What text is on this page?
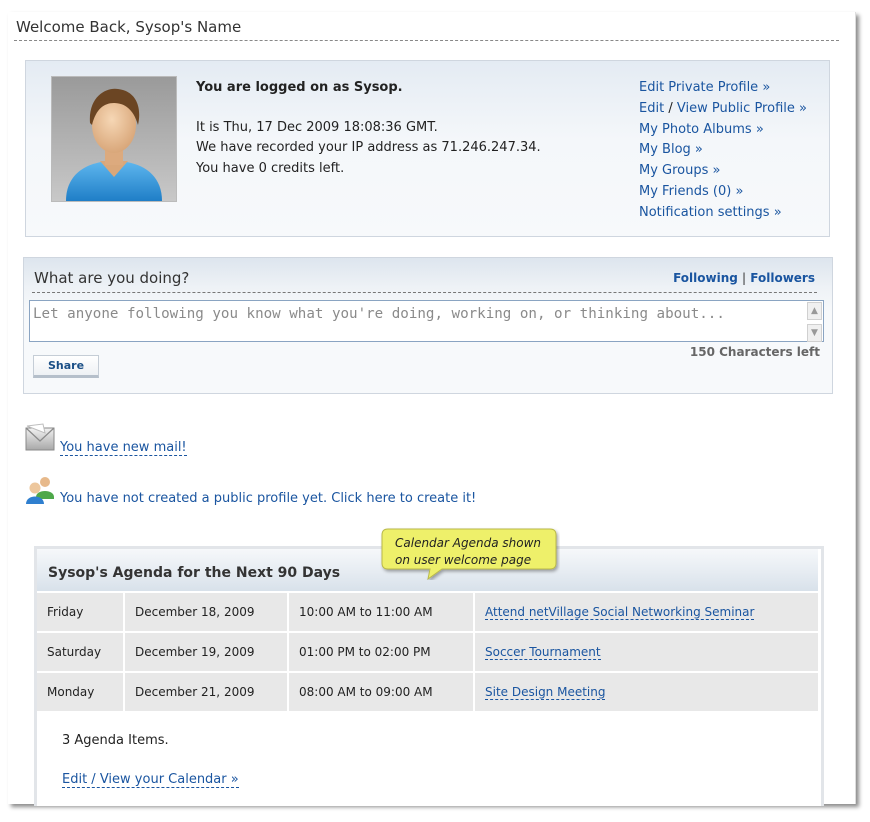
Welcome Back, Sysop's Name
You are logged on as Sysop.
It is Thu, 17 Dec 2009 18:08:36 GMT.
We have recorded your IP address as 71.246.247.34.
You have 0 credits left.
Edit Private Profile »
Edit / View Public Profile »
My Photo Albums »
My Blog »
My Groups »
My Friends (0) »
Notification settings »
What are you doing?	Following | Followers
Let anyone following you know what you're doing, working on, or thinking about...	▲
▼
150 Characters left
Share
You have new mail!
You have not created a public profile yet. Click here to create it!
Sysop's Agenda for the Next 90 Days
Friday	December 18, 2009	10:00 AM to 11:00 AM	Attend netVillage Social Networking Seminar
Saturday	December 19, 2009	01:00 PM to 02:00 PM	Soccer Tournament
Monday	December 21, 2009	08:00 AM to 09:00 AM	Site Design Meeting
3 Agenda Items.
Edit / View your Calendar »
Calendar Agenda shown
on user welcome page
